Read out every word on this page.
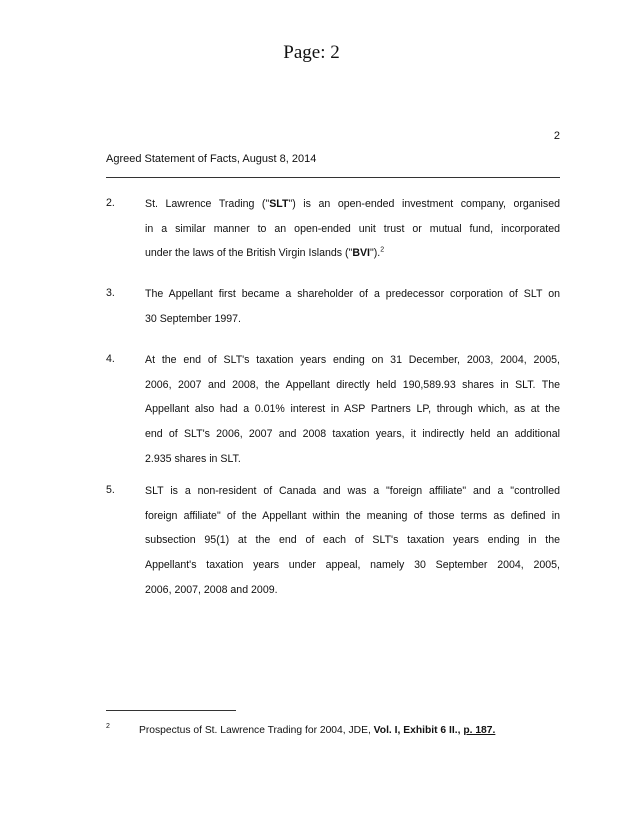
Page: 2
2
Agreed Statement of Facts, August 8, 2014
2.	St. Lawrence Trading ("SLT") is an open-ended investment company, organised
in a similar manner to an open-ended unit trust or mutual fund, incorporated
under the laws of the British Virgin Islands ("BVI").$^2$
3.	The Appellant first became a shareholder of a predecessor corporation of SLT on
30 September 1997.
4.	At the end of SLT's taxation years ending on 31 December, 2003, 2004, 2005,
2006, 2007 and 2008, the Appellant directly held 190,589.93 shares in SLT. The
Appellant also had a 0.01% interest in ASP Partners LP, through which, as at the
end of SLT's 2006, 2007 and 2008 taxation years, it indirectly held an additional
2.935 shares in SLT.
5.	SLT is a non-resident of Canada and was a "foreign affiliate" and a "controlled
foreign affiliate" of the Appellant within the meaning of those terms as defined in
subsection 95(1) at the end of each of SLT's taxation years ending in the
Appellant's taxation years under appeal, namely 30 September 2004, 2005,
2006, 2007, 2008 and 2009.
2	Prospectus of St. Lawrence Trading for 2004, JDE, Vol. I, Exhibit 6 II., p. 187.
